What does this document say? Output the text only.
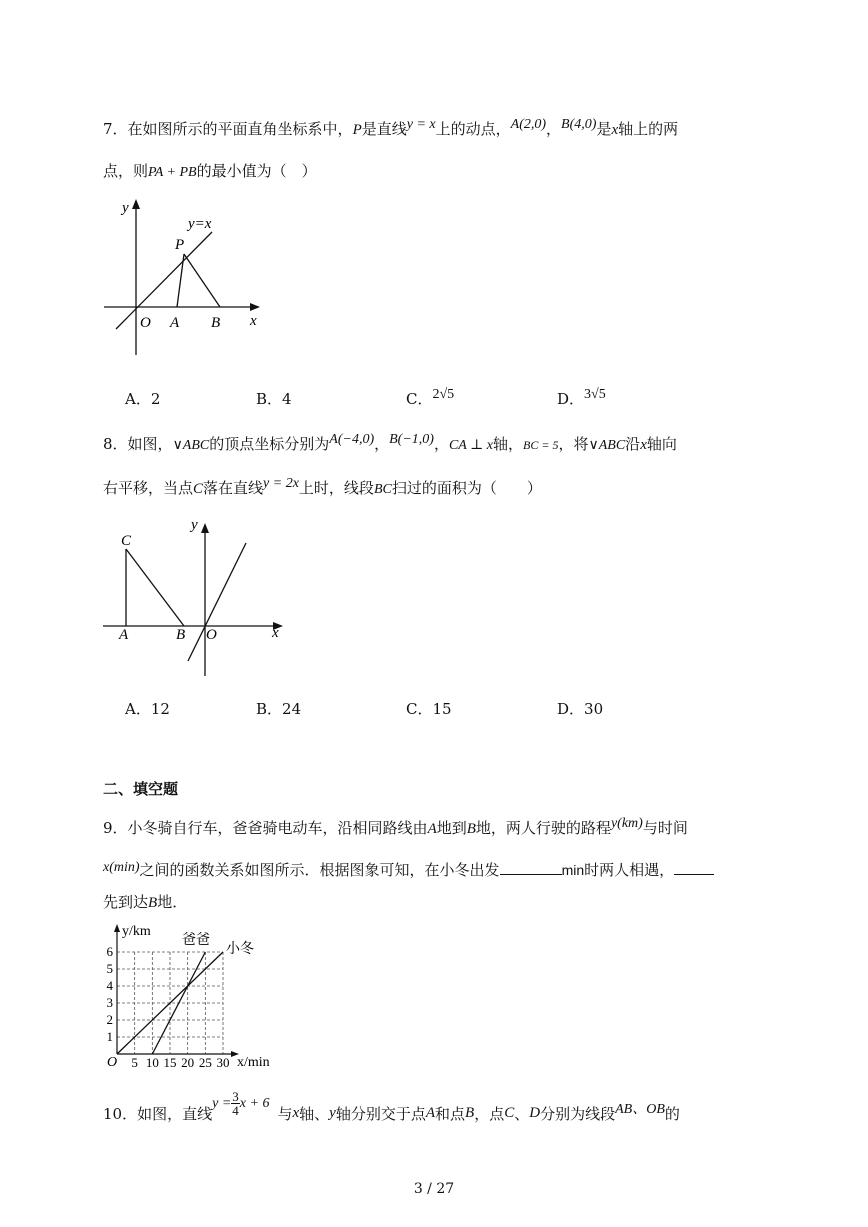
7．在如图所示的平面直角坐标系中，P是直线y = x上的动点，A(2,0)，B(4,0)是x轴上的两
点，则PA + PB的最小值为（　）
y
y=x
P
O A B x
A．2	B．4	C．2√5	D．3√5
8．如图，∨ABC的顶点坐标分别为A(−4,0)，B(−1,0)，CA ⊥ x轴，BC = 5，将∨ABC沿x轴向
右平移，当点C落在直线y = 2x上时，线段BC扫过的面积为（　　）
y
C
A	B O	x
A．12	B．24	C．15	D．30
二、填空题
9．小冬骑自行车，爸爸骑电动车，沿相同路线由A地到B地，两人行驶的路程y(km)与时间
x(min)之间的函数关系如图所示．根据图象可知，在小冬出发	min时两人相遇，
先到达B地．
5 10 15 20 25 30
1
2
3
4
5
6
O
y/km
x/min
爸爸
小冬
10． 如图，直线
$y = \frac{3}{4}$ x + 6
与 x 轴、 y 轴分别交于点 A 和点 B ，点 C 、 D 分别为线段 AB、OB 的
3 / 27
